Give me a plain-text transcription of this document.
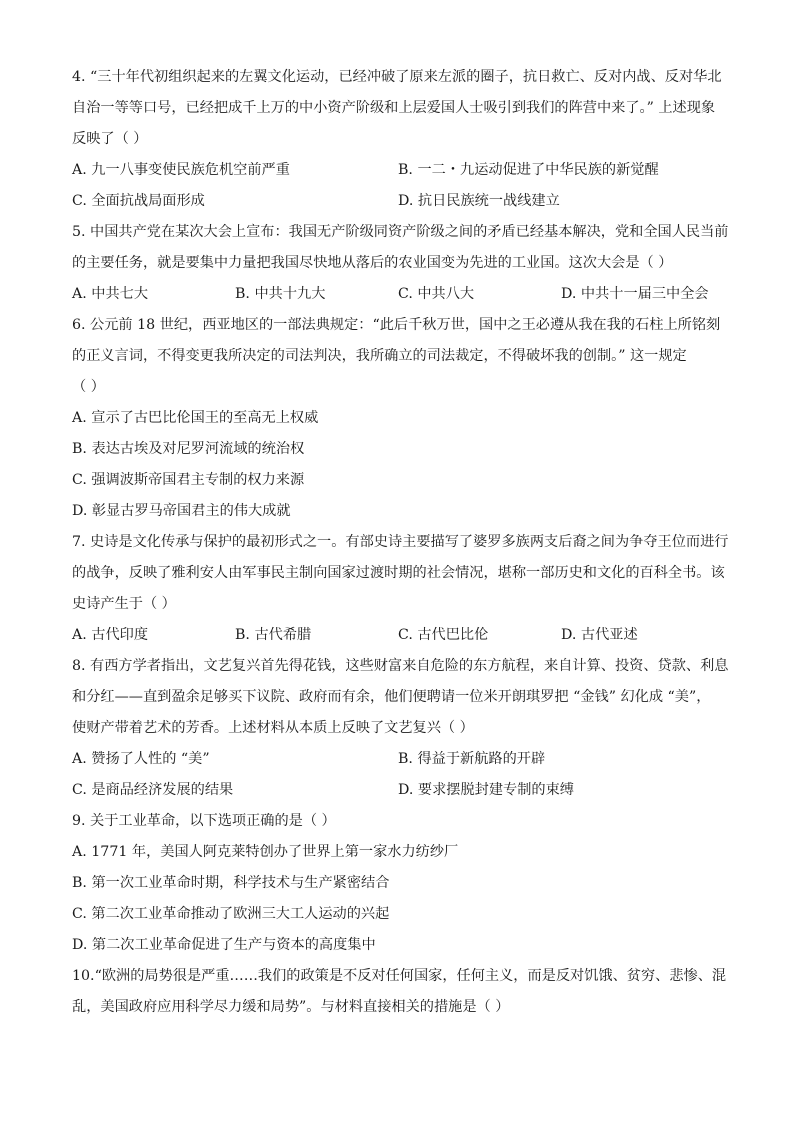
4. “三十年代初组织起来的左翼文化运动，已经冲破了原来左派的圈子，抗日救亡、反对内战、反对华北
自治一等等口号，已经把成千上万的中小资产阶级和上层爱国人士吸引到我们的阵营中来了。” 上述现象
反映了（ ）
A. 九一八事变使民族危机空前严重	B. 一二・九运动促进了中华民族的新觉醒
C. 全面抗战局面形成	D. 抗日民族统一战线建立
5. 中国共产党在某次大会上宣布：我国无产阶级同资产阶级之间的矛盾已经基本解决，党和全国人民当前
的主要任务，就是要集中力量把我国尽快地从落后的农业国变为先进的工业国。这次大会是（ ）
A. 中共七大	B. 中共十九大	C. 中共八大	D. 中共十一届三中全会
6. 公元前 18 世纪，西亚地区的一部法典规定：“此后千秋万世，国中之王必遵从我在我的石柱上所铭刻
的正义言词，不得变更我所决定的司法判决，我所确立的司法裁定，不得破坏我的创制。” 这一规定
（ ）
A. 宣示了古巴比伦国王的至高无上权威
B. 表达古埃及对尼罗河流域的统治权
C. 强调波斯帝国君主专制的权力来源
D. 彰显古罗马帝国君主的伟大成就
7. 史诗是文化传承与保护的最初形式之一。有部史诗主要描写了婆罗多族两支后裔之间为争夺王位而进行
的战争，反映了雅利安人由军事民主制向国家过渡时期的社会情况，堪称一部历史和文化的百科全书。该
史诗产生于（ ）
A. 古代印度	B. 古代希腊	C. 古代巴比伦	D. 古代亚述
8. 有西方学者指出，文艺复兴首先得花钱，这些财富来自危险的东方航程，来自计算、投资、贷款、利息
和分红——直到盈余足够买下议院、政府而有余，他们便聘请一位米开朗琪罗把 “金钱” 幻化成 “美”，
使财产带着艺术的芳香。上述材料从本质上反映了文艺复兴（ ）
A. 赞扬了人性的 “美”	B. 得益于新航路的开辟
C. 是商品经济发展的结果	D. 要求摆脱封建专制的束缚
9. 关于工业革命，以下选项正确的是（ ）
A. 1771 年，美国人阿克莱特创办了世界上第一家水力纺纱厂
B. 第一次工业革命时期，科学技术与生产紧密结合
C. 第二次工业革命推动了欧洲三大工人运动的兴起
D. 第二次工业革命促进了生产与资本的高度集中
10.“欧洲的局势很是严重……我们的政策是不反对任何国家，任何主义，而是反对饥饿、贫穷、悲惨、混
乱，美国政府应用科学尽力缓和局势”。与材料直接相关的措施是（ ）
